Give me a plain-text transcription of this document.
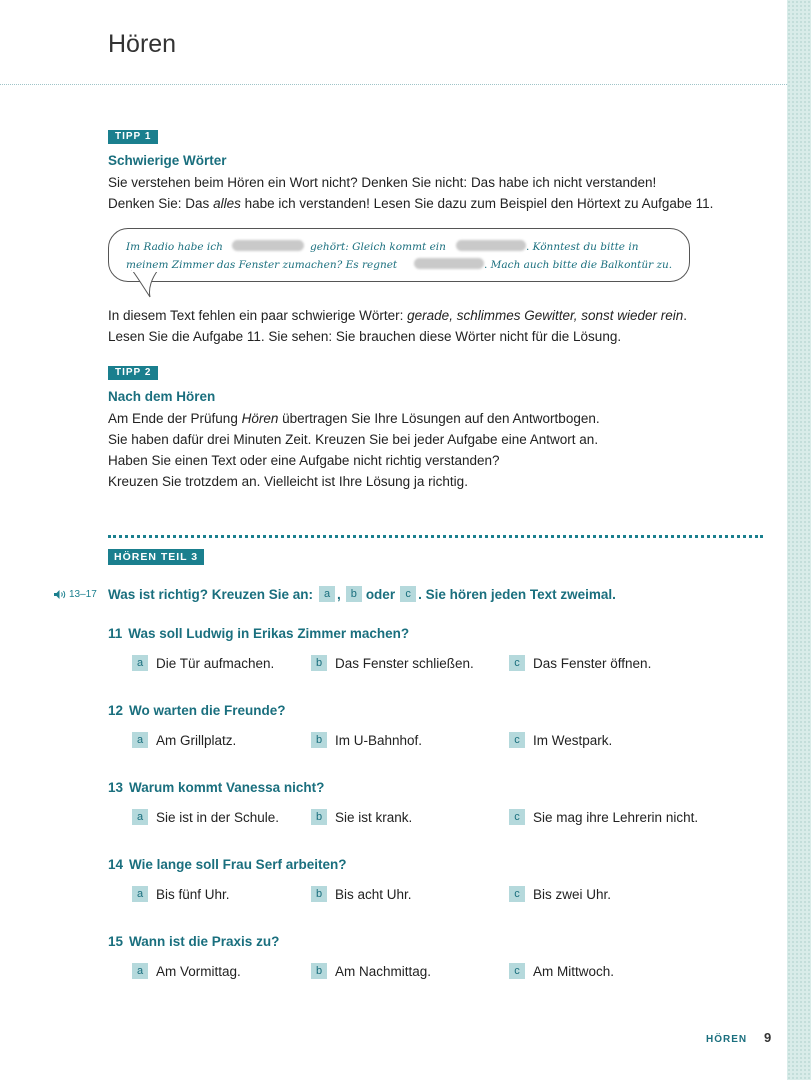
Hören
TIPP 1
Schwierige Wörter

Sie verstehen beim Hören ein Wort nicht? Denken Sie nicht: Das habe ich nicht verstanden!

Denken Sie: Das alles habe ich verstanden! Lesen Sie dazu zum Beispiel den Hörtext zu Aufgabe 11.

Im Radio habe ich	gehört: Gleich kommt ein	. Könntest du bitte in
meinem Zimmer das Fenster zumachen? Es regnet	. Mach auch bitte die Balkontür zu.

In diesem Text fehlen ein paar schwierige Wörter: gerade, schlimmes Gewitter, sonst wieder rein.

Lesen Sie die Aufgabe 11. Sie sehen: Sie brauchen diese Wörter nicht für die Lösung.

TIPP 2
Nach dem Hören

Am Ende der Prüfung Hören übertragen Sie Ihre Lösungen auf den Antwortbogen.

Sie haben dafür drei Minuten Zeit. Kreuzen Sie bei jeder Aufgabe eine Antwort an.

Haben Sie einen Text oder eine Aufgabe nicht richtig verstanden?

Kreuzen Sie trotzdem an. Vielleicht ist Ihre Lösung ja richtig.

HÖREN TEIL 3
13–17 Was ist richtig? Kreuzen Sie an: a , b oder c . Sie hören jeden Text zweimal.
11 Was soll Ludwig in Erikas Zimmer machen?
a Die Tür aufmachen.	b Das Fenster schließen.	c Das Fenster öffnen.
12 Wo warten die Freunde?
a Am Grillplatz.	b Im U-Bahnhof.	c Im Westpark.
13 Warum kommt Vanessa nicht?
a Sie ist in der Schule.	b Sie ist krank.	c Sie mag ihre Lehrerin nicht.
14 Wie lange soll Frau Serf arbeiten?
a Bis fünf Uhr.	b Bis acht Uhr.	c Bis zwei Uhr.
15 Wann ist die Praxis zu?
a Am Vormittag.	b Am Nachmittag.	c Am Mittwoch.
HÖREN 9
